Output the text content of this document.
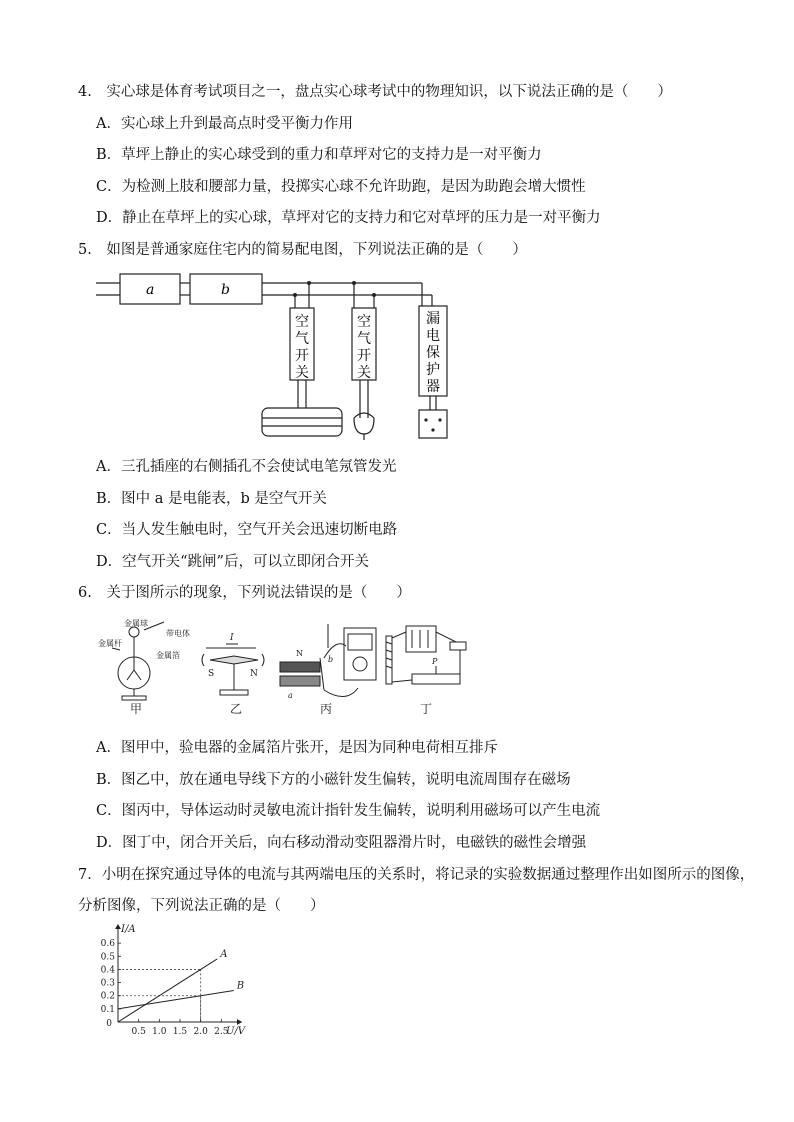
4.　实心球是体育考试项目之一，盘点实心球考试中的物理知识，以下说法正确的是（　　）
A．实心球上升到最高点时受平衡力作用
B．草坪上静止的实心球受到的重力和草坪对它的支持力是一对平衡力
C．为检测上肢和腰部力量，投掷实心球不允许助跑，是因为助跑会增大惯性
D．静止在草坪上的实心球，草坪对它的支持力和它对草坪的压力是一对平衡力
5.　如图是普通家庭住宅内的简易配电图，下列说法正确的是（　　）
a	b
空
气
开
关
空
气
开
关
漏
电
保
护
器
A．三孔插座的右侧插孔不会使试电笔氖管发光
B．图中 a 是电能表，b 是空气开关
C．当人发生触电时，空气开关会迅速切断电路
D．空气开关“跳闸”后，可以立即闭合开关
6.　关于图所示的现象，下列说法错误的是（　　）
金属球
金属杆
带电体
金属箔
I
S	N
N
b
a
P
甲	乙	丙	丁
A．图甲中，验电器的金属箔片张开，是因为同种电荷相互排斥
B．图乙中，放在通电导线下方的小磁针发生偏转，说明电流周围存在磁场
C．图丙中，导体运动时灵敏电流计指针发生偏转，说明利用磁场可以产生电流
D．图丁中，闭合开关后，向右移动滑动变阻器滑片时，电磁铁的磁性会增强
7．小明在探究通过导体的电流与其两端电压的关系时，将记录的实验数据通过整理作出如图所示的图像，
分析图像，下列说法正确的是（　　）
0.5 1.0 1.5 2.0 2.5
0.1
0.2
0.3
0.4
0.5
0.6
0
A
B
U/V
I/A
